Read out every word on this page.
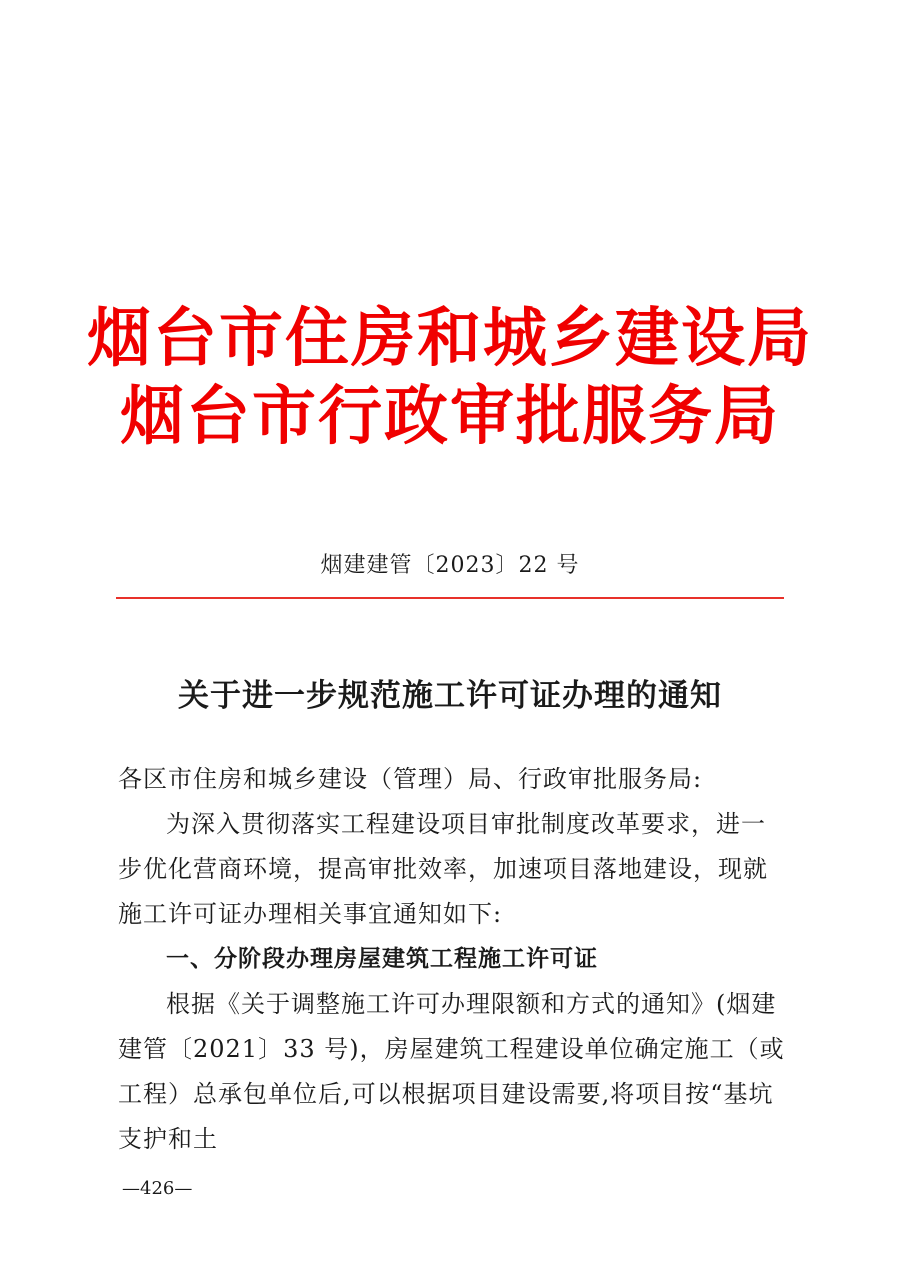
烟台市住房和城乡建设局
烟台市行政审批服务局
烟建建管〔2023〕22 号
关于进一步规范施工许可证办理的通知

各区市住房和城乡建设（管理）局、行政审批服务局:

为深入贯彻落实工程建设项目审批制度改革要求，进一步优化营商环境，提高审批效率，加速项目落地建设，现就施工许可证办理相关事宜通知如下:

一、分阶段办理房屋建筑工程施工许可证

根据《关于调整施工许可办理限额和方式的通知》(烟建建管〔2021〕33 号)，房屋建筑工程建设单位确定施工（或工程）总承包单位后,可以根据项目建设需要,将项目按“基坑支护和土

—426—
